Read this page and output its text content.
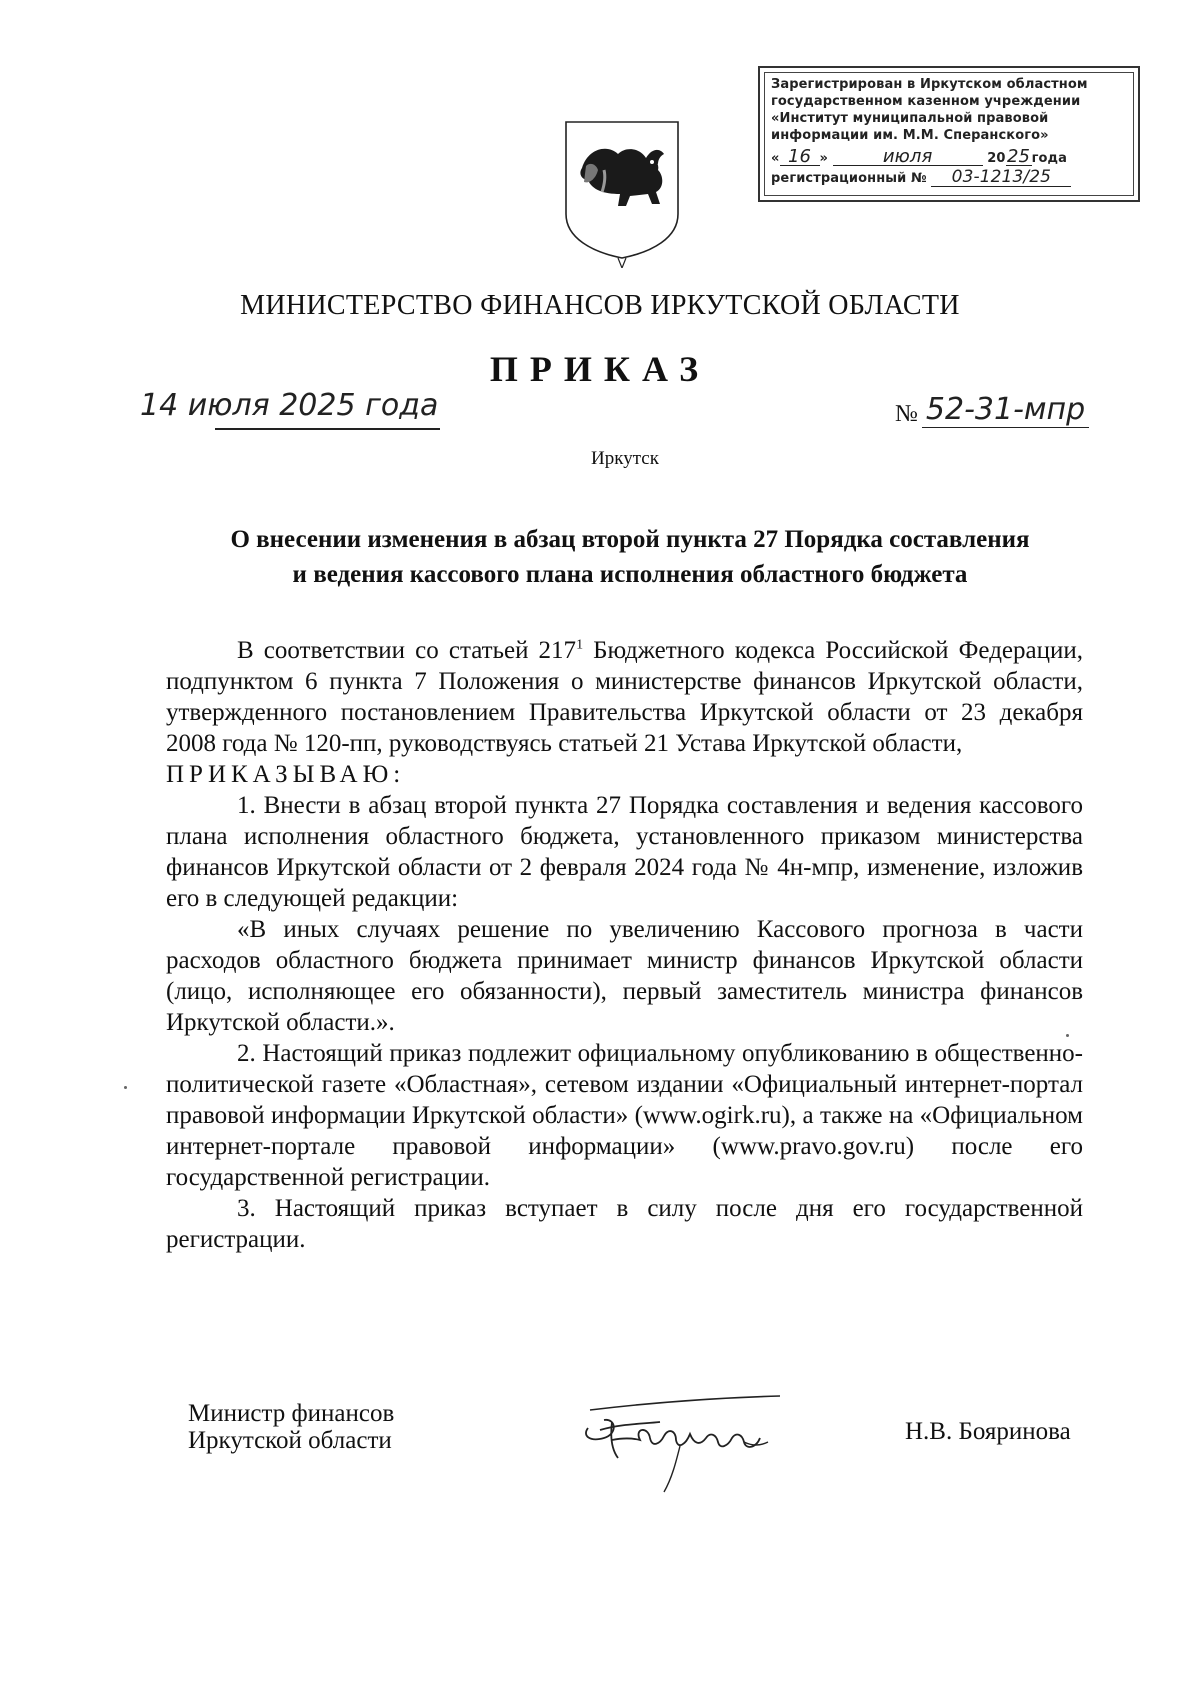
Зарегистрирован в Иркутском областном
государственном казенном учреждении
«Институт муниципальной правовой
информации им. М.М. Сперанского»
« 16 »	июля	2025года
регистрационный № 03-1213/25
МИНИСТЕРСТВО ФИНАНСОВ ИРКУТСКОЙ ОБЛАСТИ
ПРИКАЗ
14 июля 2025 года	№ 52-31-мпр
Иркутск
О внесении изменения в абзац второй пункта 27 Порядка составления
и ведения кассового плана исполнения областного бюджета

В соответствии со статьей $217^1$ Бюджетного кодекса Российской Федерации, подпунктом 6 пункта 7 Положения о министерстве финансов Иркутской области, утвержденного постановлением Правительства Иркутской области от 23 декабря 2008 года № 120-пп, руководствуясь статьей 21 Устава Иркутской области,

ПРИКАЗЫВАЮ:

1. Внести в абзац второй пункта 27 Порядка составления и ведения кассового плана исполнения областного бюджета, установленного приказом министерства финансов Иркутской области от 2 февраля 2024 года № 4н-мпр, изменение, изложив его в следующей редакции:

«В иных случаях решение по увеличению Кассового прогноза в части расходов областного бюджета принимает министр финансов Иркутской области (лицо, исполняющее его обязанности), первый заместитель министра финансов Иркутской области.».

2. Настоящий приказ подлежит официальному опубликованию в общественно-политической газете «Областная», сетевом издании «Официальный интернет-портал правовой информации Иркутской области» (www.ogirk.ru), а также на «Официальном интернет-портале правовой информации» (www.pravo.gov.ru) после его государственной регистрации.

3. Настоящий приказ вступает в силу после дня его государственной регистрации.

Министр финансов
Иркутской области	Н.В. Бояринова
